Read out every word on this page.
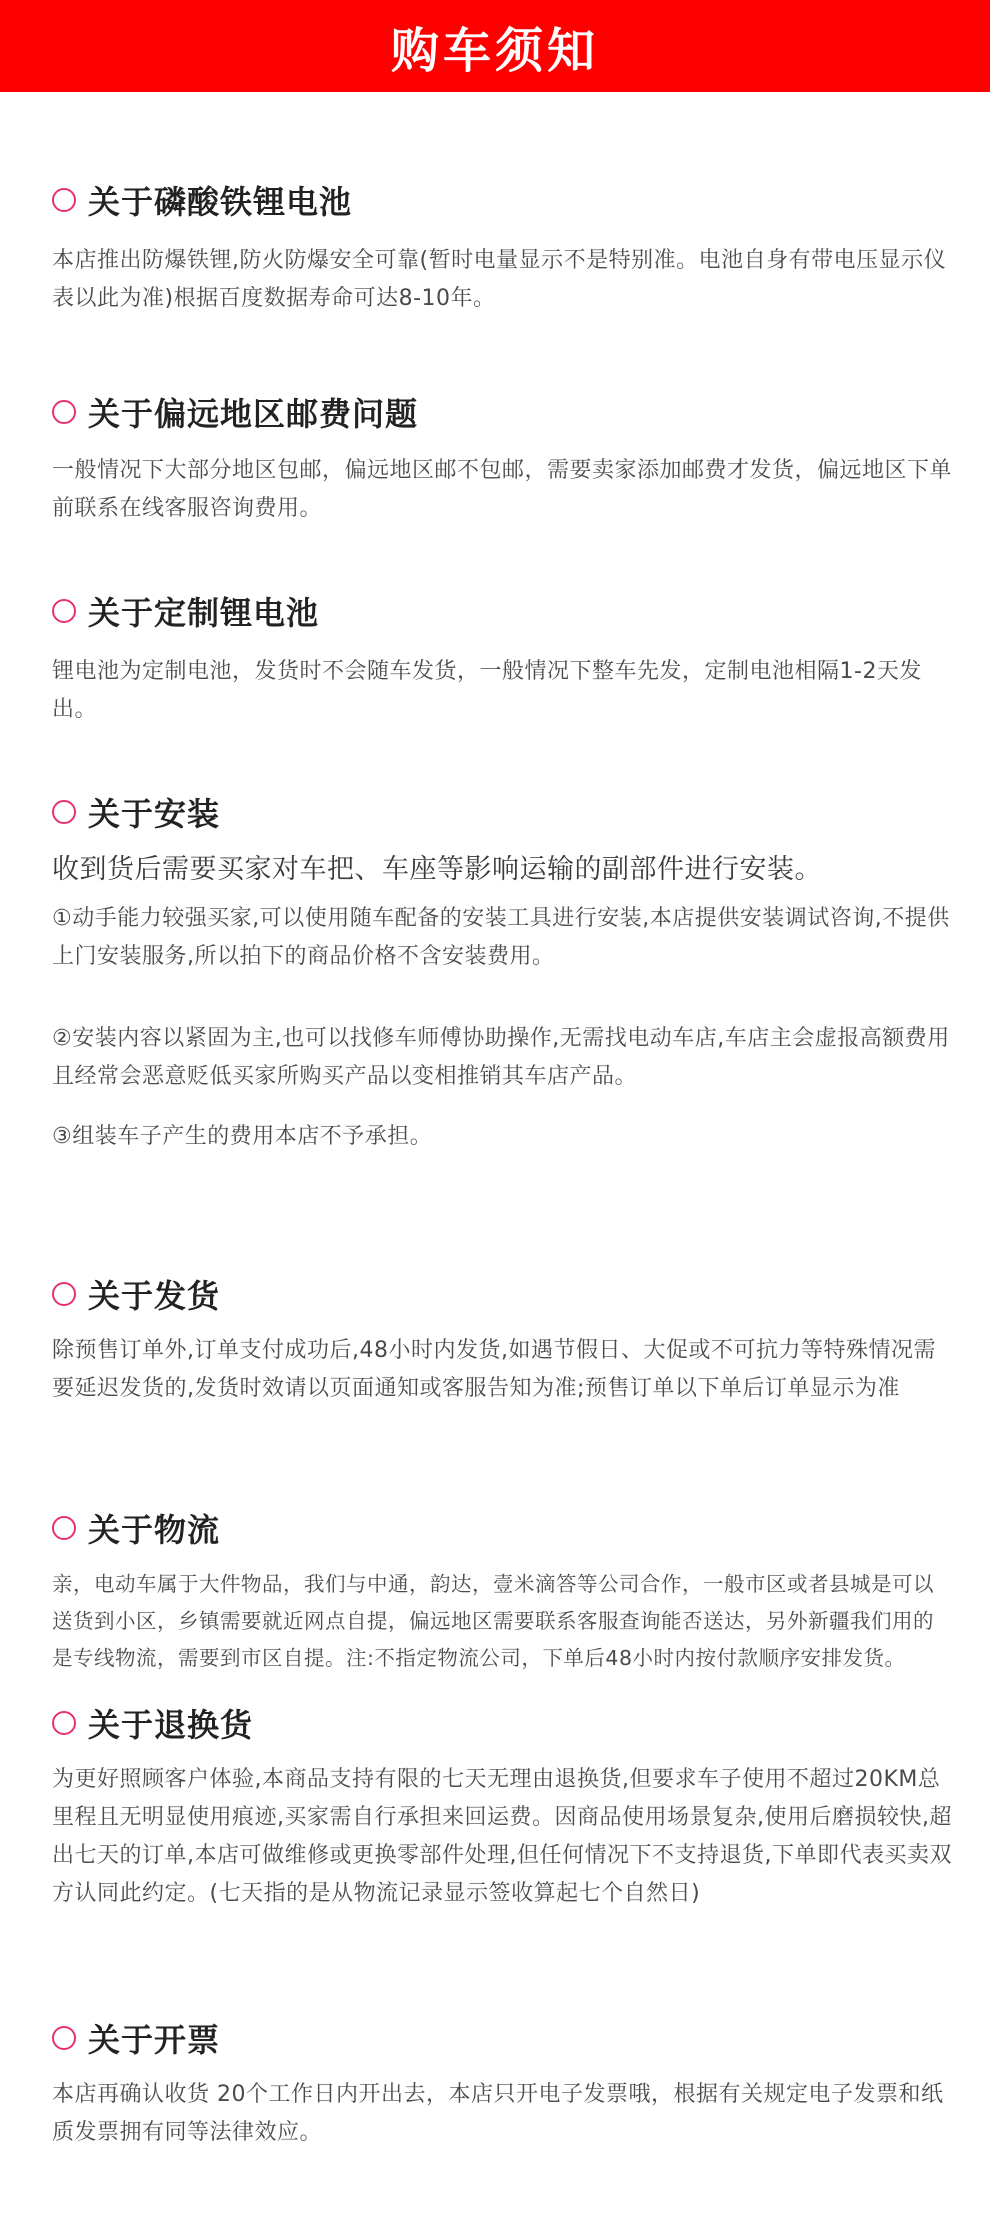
购车须知
关于磷酸铁锂电池

本店推出防爆铁锂,防火防爆安全可靠(暂时电量显示不是特别准。电池自身有带电压显示仪表以此为准)根据百度数据寿命可达8-10年。

关于偏远地区邮费问题

一般情况下大部分地区包邮，偏远地区邮不包邮，需要卖家添加邮费才发货，偏远地区下单前联系在线客服咨询费用。

关于定制锂电池

锂电池为定制电池，发货时不会随车发货，一般情况下整车先发，定制电池相隔1-2天发出。

关于安装

收到货后需要买家对车把、车座等影响运输的副部件进行安装。

①动手能力较强买家,可以使用随车配备的安装工具进行安装,本店提供安装调试咨询,不提供上门安装服务,所以拍下的商品价格不含安装费用。

②安装内容以紧固为主,也可以找修车师傅协助操作,无需找电动车店,车店主会虚报高额费用且经常会恶意贬低买家所购买产品以变相推销其车店产品。

③组装车子产生的费用本店不予承担。

关于发货

除预售订单外,订单支付成功后,48小时内发货,如遇节假日、大促或不可抗力等特殊情况需要延迟发货的,发货时效请以页面通知或客服告知为准;预售订单以下单后订单显示为准

关于物流

亲，电动车属于大件物品，我们与中通，韵达，壹米滴答等公司合作，一般市区或者县城是可以送货到小区，乡镇需要就近网点自提，偏远地区需要联系客服查询能否送达，另外新疆我们用的是专线物流，需要到市区自提。注:不指定物流公司，下单后48小时内按付款顺序安排发货。

关于退换货

为更好照顾客户体验,本商品支持有限的七天无理由退换货,但要求车子使用不超过20KM总里程且无明显使用痕迹,买家需自行承担来回运费。因商品使用场景复杂,使用后磨损较快,超出七天的订单,本店可做维修或更换零部件处理,但任何情况下不支持退货,下单即代表买卖双方认同此约定。(七天指的是从物流记录显示签收算起七个自然日)

关于开票

本店再确认收货 20个工作日内开出去，本店只开电子发票哦，根据有关规定电子发票和纸质发票拥有同等法律效应。
